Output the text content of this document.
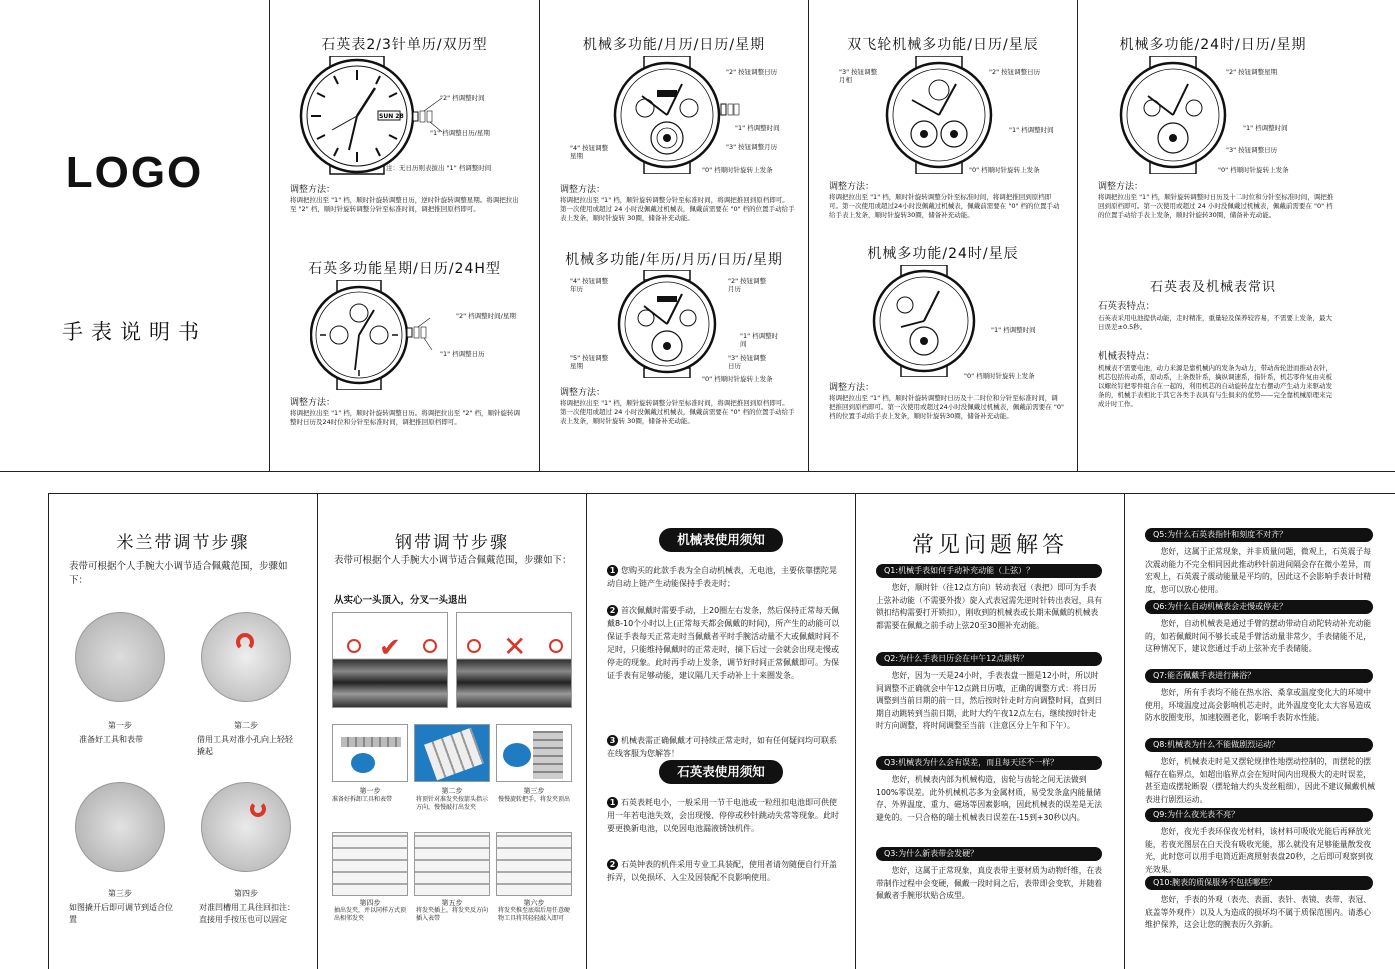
LOGO
手表说明书
石英表2/3针单历/双历型
SUN 28
"2" 档调整时间
"1" 档调整日历/星期
注：无日历则表拔出 "1" 档调整时间
调整方法：
将调把拉出至 "1" 档，顺时针旋转调整日历，逆时针旋转调整星期。将调把拉出至 "2" 档，顺时针旋转调整分针至标准时间，调把推回原档即可。
石英多功能星期/日历/24H型
"2" 档调整时间/星期
"1" 档调整日历
调整方法：
将调把拉出至 "1" 档，顺时针旋转调整日历。将调把拉出至 "2" 档，顺针旋转调整时日历及24时位和分针至标准时间，调把推回原档即可。
机械多功能/月历/日历/星期
"2" 按钮调整日历
"1" 档调整时间
"4" 按钮调整星期
"3" 按钮调整月历
"0" 档顺时针旋转上发条
调整方法：
将调把拉出至 "1" 档，顺针旋转调整分针至标准时间，将调把推回到原档即可。第一次使用或超过 24 小时没佩戴过机械表，佩戴前需要在 "0" 档的位置手动给手表上发条，顺时针旋转 30圈，储备补充动能。
机械多功能/年历/月历/日历/星期
"4" 按钮调整年历
"2" 按钮调整月历
"1" 档调整时间
"5" 按钮调整星期
"3" 按钮调整日历
"0" 档顺时针旋转上发条
调整方法：
将调把拉出至 "1" 档，顺针旋转调整分针至标准时间，将调把推回到原档即可。第一次使用或超过 24 小时没佩戴过机械表，佩戴前需要在 "0" 档的位置手动给手表上发条，顺时针旋转 30圈，储备补充动能。
双飞轮机械多功能/日历/星辰
"3" 按钮调整月相
"2" 按钮调整日历
"1" 档调整时间
"0" 档顺时针旋转上发条
调整方法：
将调把拉出至 "1" 档，顺时针旋转调整分针至标准时间，将调把推回到原档即可。第一次使用或超过24小时没佩戴过机械表，佩戴前需要在 "0" 档的位置手动给手表上发条，顺时针旋转30圈，储备补充动能。
机械多功能/24时/星辰
"1" 档调整时间
"0" 档顺时针旋转上发条
调整方法：
将调把拉出至 "1" 档，顺时针旋转调整时日历及十二时位和分针至标准时间，调把推回到原档即可。第一次使用或超过24小时没佩戴过机械表，佩戴前需要在 "0" 档的位置手动给手表上发条，顺时针旋转30圈，储备补充动能。
机械多功能/24时/日历/星期
"2" 按钮调整星期
"1" 档调整时间
"3" 按钮调整日历
"0" 档顺时针旋转上发条
调整方法：
将调把拉出至 "1" 档，顺针旋转调整时日历及十二时位和分针至标准时间，调把推回到原档即可。第一次使用或超过 24 小时没佩戴过机械表，佩戴前需要在 "0" 档的位置手动给手表上发条，顺时针旋转30圈，储备补充动能。
石英表及机械表常识
石英表特点：
石英表采用电池提供动能，走时精准，重量轻及保养较容易，不需要上发条，最大日误差±0.5秒。
机械表特点：
机械表不需要电池，动力来源是靠机械内的发条为动力，带动齿轮进而推动表针，机芯包括传动系，原动系，上条拨针系，擒纵调速系，指针系，机芯零件复由夹板以螺丝钉把零件组合在一起的，利用机芯的自动旋转盘左右摆动产生动力来驱动发条的，机械手表相比于其它各类手表具有与生俱来的优势——完全靠机械原理来完成计时工作。
米兰带调节步骤
表带可根据个人手腕大小调节适合佩戴范围，步骤如下：
第一步
准备好工具和表带
第二步
借用工具对准小孔向上轻轻撬起
第三步
如图撬开后即可调节到适合位置
第四步
对准凹槽用工具往回扣注：直接用手按压也可以固定
钢带调节步骤
表带可根据个人手腕大小调节适合佩戴范围，步骤如下：
从实心一头顶入，分叉一头退出
✔	✕
第一步
准备好拆卸工具和表带
第二步
将顶针对准发夹按箭头指示方向，慢慢敲打出发夹
第三步
慢慢旋转把手，将发夹顶出
第四步
抽出发夹，并以同样方式顶出相邻发夹
第五步
将发夹插上，将发夹反方向插入表带
第六步
将发夹推至底端后用任意硬物工具将其轻轻敲入即可
机械表使用须知
1 您购买的此款手表为全自动机械表，无电池，主要依靠摆陀晃动自动上链产生动能保持手表走时；
2 首次佩戴时需要手动，上20圈左右发条，然后保持正常每天佩戴8-10个小时以上(正常每天都会佩戴的时间)，所产生的动能可以保证手表每天正常走时当佩戴者平时手腕活动量不大或佩戴时间不足时，只能维持佩戴时的正常走时，摘下后过一会就会出现走慢或停走的现象。此时再手动上发条，调节好时间正常佩戴即可。为保证手表有足够动能，建议隔几天手动补上十来圈发条。
3 机械表需正确佩戴才可持续正常走时，如有任何疑问均可联系在线客服为您解答！
石英表使用须知
1 石英表耗电小，一般采用一节干电池或一粒纽扣电池即可供使用一年若电池失效，会出现慢、停停或秒针跳动失常等现象。此时要更换新电池，以免因电池漏液锈蚀机件。
2 石英钟表的机件采用专业工具装配，使用者请勿随便自行开盖拆弄，以免损坏、入尘及因装配不良影响使用。
常见问题解答
Q1:机械手表如何手动补充动能（上弦）？
您好，顺时针（往12点方向）转动表冠（表把）即可为手表上弦补动能（不需要外拨）旋入式表冠需先逆时针转出表冠，具有锁扣结构需要打开锁扣），刚收到的机械表或长期未佩戴的机械表都需要在佩戴之前手动上弦20至30圈补充动能。
Q2:为什么手表日历会在中午12点跳转？
您好，因为一天是24小时，手表表盘一圈是12小时，所以时间调整不正确就会中午12点跳日历哦，正确的调整方式：将日历调整到当前日期的前一日，然后按时针走时方向调整时间，直到日期自动跳转到当前日期，此时大约午夜12点左右，继续按时针走时方向调整，将时间调整至当前（注意区分上午和下午）。
Q3:机械表为什么会有误差，而且每天还不一样？
您好，机械表内部为机械构造，齿轮与齿轮之间无法做到100%零误差。此外机械机芯多为金属材质，易受发条盒内能量储存、外界温度、重力、磁场等因素影响，因此机械表的误差是无法避免的。一只合格的瑞士机械表日误差在-15到+30秒以内。
Q3:为什么新表带会发硬？
您好，这属于正常现象，真皮表带主要材质为动物纤维，在表带制作过程中会变硬，佩戴一段时间之后，表带即会变软，并随着佩戴者手腕形状贴合成型。
Q5:为什么石英表指针和刻度不对齐？
您好，这属于正常现象，并非质量问题，微观上，石英震子每次震动能力不完全相同因此推动秒针前进间隔会存在微小差异，而宏观上，石英震子震动能量是平均的，因此这不会影响手表计时精度，您可以放心使用。
Q6:为什么自动机械表会走慢或停走？
您好，自动机械表是通过手臂的摆动带动自动陀转动补充动能的，如若佩戴时间不够长或是手臂活动量非常少，手表储能不足，这种情况下，建议您通过手动上弦补充手表储能。
Q7:能否佩戴手表进行淋浴？
您好，所有手表均不能在热水浴、桑拿或温度变化大的环境中使用，环境温度过高会影响机芯走时，此外温度变化太大容易造成防水胶圈变形，加速胶圈老化，影响手表防水性能。
Q8:机械表为什么不能做剧烈运动？
您好，机械表走时是又摆轮规律性地摆动控制的，而摆轮的摆幅存在临界点，如超出临界点会在短时间内出现极大的走时误差，甚至造成摆轮断裂（摆轮轴大约头发丝粗细），因此不建议佩戴机械表进行剧烈运动。
Q9:为什么夜光表不亮？
您好，夜光手表环保夜光材料，该材料可吸收光能后再释放光能，若夜光图层在白天没有吸收光能，那么就没有足够能量散发夜光，此时您可以用手电筒近距离照射表盘20秒，之后即可观察到夜光效果。
Q10:腕表的质保服务不包括哪些？
您好，手表的外观（表壳、表面、表针、表镜、表带、表冠、底盖等外观件）以及人为造成的损坏均不属于质保范围内。请悉心维护保养，这会让您的腕表历久弥新。
